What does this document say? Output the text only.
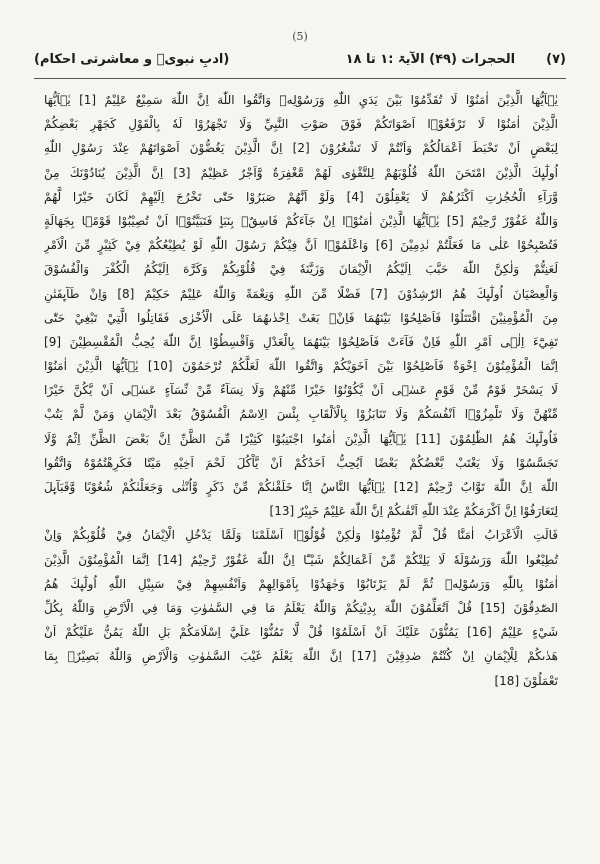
(5)
(۷)  الحجرات (۴۹) الآیۃ :۱ تا ۱۸
(ادبِ نبویؐ و معاشرتی احکام)
يٰۤاَيُّهَا الَّذِيْنَ اٰمَنُوْا لَا تُقَدِّمُوْا بَيْنَ يَدَيِ اللّٰهِ وَرَسُوْلِهٖ وَاتَّقُوا اللّٰهَ اِنَّ اللّٰهَ سَمِيْعٌ عَلِيْمٌ [1] يٰۤاَيُّهَا
الَّذِيْنَ اٰمَنُوْا لَا تَرْفَعُوْۤا اَصْوَاتَكُمْ فَوْقَ صَوْتِ النَّبِيِّ وَلَا تَجْهَرُوْا لَهٗ بِالْقَوْلِ كَجَهْرِ بَعْضِكُمْ
لِبَعْضٍ اَنْ تَحْبَطَ اَعْمَالُكُمْ وَاَنْتُمْ لَا تَشْعُرُوْنَ [2] اِنَّ الَّذِيْنَ يَغُضُّوْنَ اَصْوَاتَهُمْ عِنْدَ رَسُوْلِ اللّٰهِ
اُولٰٓىِٕكَ الَّذِيْنَ امْتَحَنَ اللّٰهُ قُلُوْبَهُمْ لِلتَّقْوٰى لَهُمْ مَّغْفِرَةٌ وَّاَجْرٌ عَظِيْمٌ [3] اِنَّ الَّذِيْنَ يُنَادُوْنَكَ مِنْ
وَّرَآءِ الْحُجُرٰتِ اَكْثَرُهُمْ لَا يَعْقِلُوْنَ [4] وَلَوْ اَنَّهُمْ صَبَرُوْا حَتّٰى تَخْرُجَ اِلَيْهِمْ لَكَانَ خَيْرًا لَّهُمْ
وَاللّٰهُ غَفُوْرٌ رَّحِيْمٌ [5] يٰۤاَيُّهَا الَّذِيْنَ اٰمَنُوْۤا اِنْ جَآءَكُمْ فَاسِقٌۢ بِنَبَاٍ فَتَبَيَّنُوْۤا اَنْ تُصِيْبُوْا قَوْمًۢا بِجَهَالَةٍ
فَتُصْبِحُوْا عَلٰى مَا فَعَلْتُمْ نٰدِمِيْنَ [6] وَاعْلَمُوْۤا اَنَّ فِيْكُمْ رَسُوْلَ اللّٰهِ لَوْ يُطِيْعُكُمْ فِيْ كَثِيْرٍ مِّنَ الْاَمْرِ
لَعَنِتُّمْ وَلٰكِنَّ اللّٰهَ حَبَّبَ اِلَيْكُمُ الْاِيْمَانَ وَزَيَّنَهٗ فِيْ قُلُوْبِكُمْ وَكَرَّهَ اِلَيْكُمُ الْكُفْرَ وَالْفُسُوْقَ
وَالْعِصْيَانَ اُولٰٓىِٕكَ هُمُ الرّٰشِدُوْنَ [7] فَضْلًا مِّنَ اللّٰهِ وَنِعْمَةً وَاللّٰهُ عَلِيْمٌ حَكِيْمٌ [8] وَاِنْ طَآىِٕفَتٰنِ
مِنَ الْمُؤْمِنِيْنَ اقْتَتَلُوْا فَاَصْلِحُوْا بَيْنَهُمَا فَاِنْۢ بَغَتْ اِحْدٰىهُمَا عَلَى الْاُخْرٰى فَقَاتِلُوا الَّتِيْ تَبْغِيْ حَتّٰى
تَفِيْٓءَ اِلٰۤى اَمْرِ اللّٰهِ فَاِنْ فَآءَتْ فَاَصْلِحُوْا بَيْنَهُمَا بِالْعَدْلِ وَاَقْسِطُوْا اِنَّ اللّٰهَ يُحِبُّ الْمُقْسِطِيْنَ [9]
اِنَّمَا الْمُؤْمِنُوْنَ اِخْوَةٌ فَاَصْلِحُوْا بَيْنَ اَخَوَيْكُمْ وَاتَّقُوا اللّٰهَ لَعَلَّكُمْ تُرْحَمُوْنَ [10] يٰۤاَيُّهَا الَّذِيْنَ اٰمَنُوْا
لَا يَسْخَرْ قَوْمٌ مِّنْ قَوْمٍ عَسٰۤى اَنْ يَّكُوْنُوْا خَيْرًا مِّنْهُمْ وَلَا نِسَآءٌ مِّنْ نِّسَآءٍ عَسٰۤى اَنْ يَّكُنَّ خَيْرًا
مِّنْهُنَّ وَلَا تَلْمِزُوْۤا اَنْفُسَكُمْ وَلَا تَنَابَزُوْا بِالْاَلْقَابِ بِئْسَ الِاسْمُ الْفُسُوْقُ بَعْدَ الْاِيْمَانِ وَمَنْ لَّمْ يَتُبْ
فَاُولٰٓىِٕكَ هُمُ الظّٰلِمُوْنَ [11] يٰۤاَيُّهَا الَّذِيْنَ اٰمَنُوا اجْتَنِبُوْا كَثِيْرًا مِّنَ الظَّنِّ اِنَّ بَعْضَ الظَّنِّ اِثْمٌ وَّلَا
تَجَسَّسُوْا وَلَا يَغْتَبْ بَّعْضُكُمْ بَعْضًا اَيُحِبُّ اَحَدُكُمْ اَنْ يَّاْكُلَ لَحْمَ اَخِيْهِ مَيْتًا فَكَرِهْتُمُوْهُ وَاتَّقُوا
اللّٰهَ اِنَّ اللّٰهَ تَوَّابٌ رَّحِيْمٌ [12] يٰۤاَيُّهَا النَّاسُ اِنَّا خَلَقْنٰكُمْ مِّنْ ذَكَرٍ وَّاُنْثٰى وَجَعَلْنٰكُمْ شُعُوْبًا وَّقَبَآىِٕلَ
لِتَعَارَفُوْا اِنَّ اَكْرَمَكُمْ عِنْدَ اللّٰهِ اَتْقٰىكُمْ اِنَّ اللّٰهَ عَلِيْمٌ خَبِيْرٌ [13]
قَالَتِ الْاَعْرَابُ اٰمَنَّا قُلْ لَّمْ تُؤْمِنُوْا وَلٰكِنْ قُوْلُوْۤا اَسْلَمْنَا وَلَمَّا يَدْخُلِ الْاِيْمَانُ فِيْ قُلُوْبِكُمْ وَاِنْ
تُطِيْعُوا اللّٰهَ وَرَسُوْلَهٗ لَا يَلِتْكُمْ مِّنْ اَعْمَالِكُمْ شَيْـًٔا اِنَّ اللّٰهَ غَفُوْرٌ رَّحِيْمٌ [14] اِنَّمَا الْمُؤْمِنُوْنَ الَّذِيْنَ
اٰمَنُوْا بِاللّٰهِ وَرَسُوْلِهٖ ثُمَّ لَمْ يَرْتَابُوْا وَجٰهَدُوْا بِاَمْوَالِهِمْ وَاَنْفُسِهِمْ فِيْ سَبِيْلِ اللّٰهِ اُولٰٓىِٕكَ هُمُ
الصّٰدِقُوْنَ [15] قُلْ اَتُعَلِّمُوْنَ اللّٰهَ بِدِيْنِكُمْ وَاللّٰهُ يَعْلَمُ مَا فِي السَّمٰوٰتِ وَمَا فِي الْاَرْضِ وَاللّٰهُ بِكُلِّ
شَيْءٍ عَلِيْمٌ [16] يَمُنُّوْنَ عَلَيْكَ اَنْ اَسْلَمُوْا قُلْ لَّا تَمُنُّوْا عَلَيَّ اِسْلَامَكُمْ بَلِ اللّٰهُ يَمُنُّ عَلَيْكُمْ اَنْ
هَدٰىكُمْ لِلْاِيْمَانِ اِنْ كُنْتُمْ صٰدِقِيْنَ [17] اِنَّ اللّٰهَ يَعْلَمُ غَيْبَ السَّمٰوٰتِ وَالْاَرْضِ وَاللّٰهُ بَصِيْرٌۢ بِمَا
تَعْمَلُوْنَ [18]
